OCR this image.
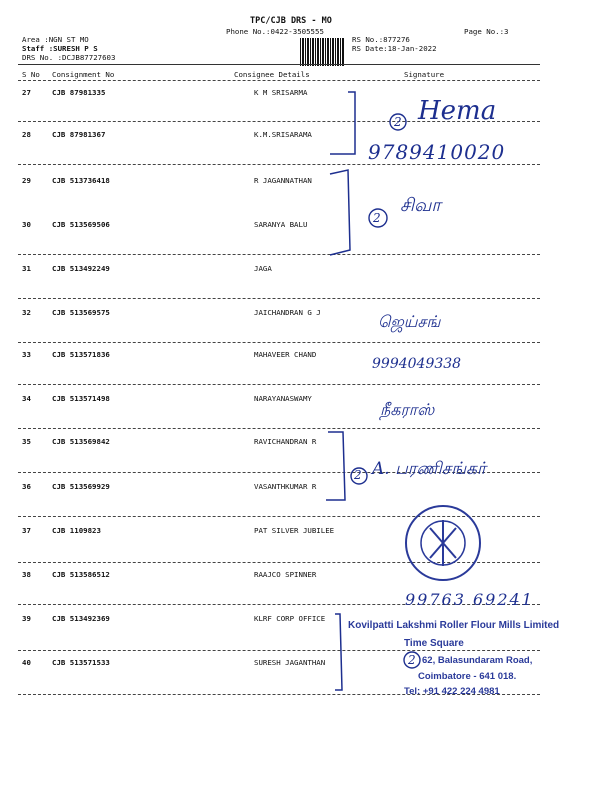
TPC/CJB DRS - MO
Phone No.:0422-3505555	Page No.:3
Area :NGN ST MO
Staff :SURESH P S
DRS No. :DCJB87727603
RS No.:877276
RS Date:18-Jan-2022
S No Consignment No	Consignee Details	Signature
27	CJB 87981335	K M SRISARMA
28	CJB 87981367	K.M.SRISARAMA
29	CJB 513736418	R JAGANNATHAN
30	CJB 513569506	SARANYA BALU
31	CJB 513492249	JAGA
32	CJB 513569575	JAICHANDRAN G J
33	CJB 513571836	MAHAVEER CHAND
34	CJB 513571498	NARAYANASWAMY
35	CJB 513569842	RAVICHANDRAN R
36	CJB 513569929	VASANTHKUMAR R
37	CJB 1109823	PAT SILVER JUBILEE
38	CJB 513586512	RAAJCO SPINNER
39	CJB 513492369	KLRF CORP OFFICE
40	CJB 513571533	SURESH JAGANTHAN
2 Hema
9789410020
2
சிவா
ஜெய்சங்
9994049338
நீகராஸ்
2 A. பரணிசங்கர்
99763 69241
Kovilpatti Lakshmi Roller Flour Mills Limited
Time Square
2 62, Balasundaram Road,
Coimbatore - 641 018.
Tel: +91 422 224 4981
